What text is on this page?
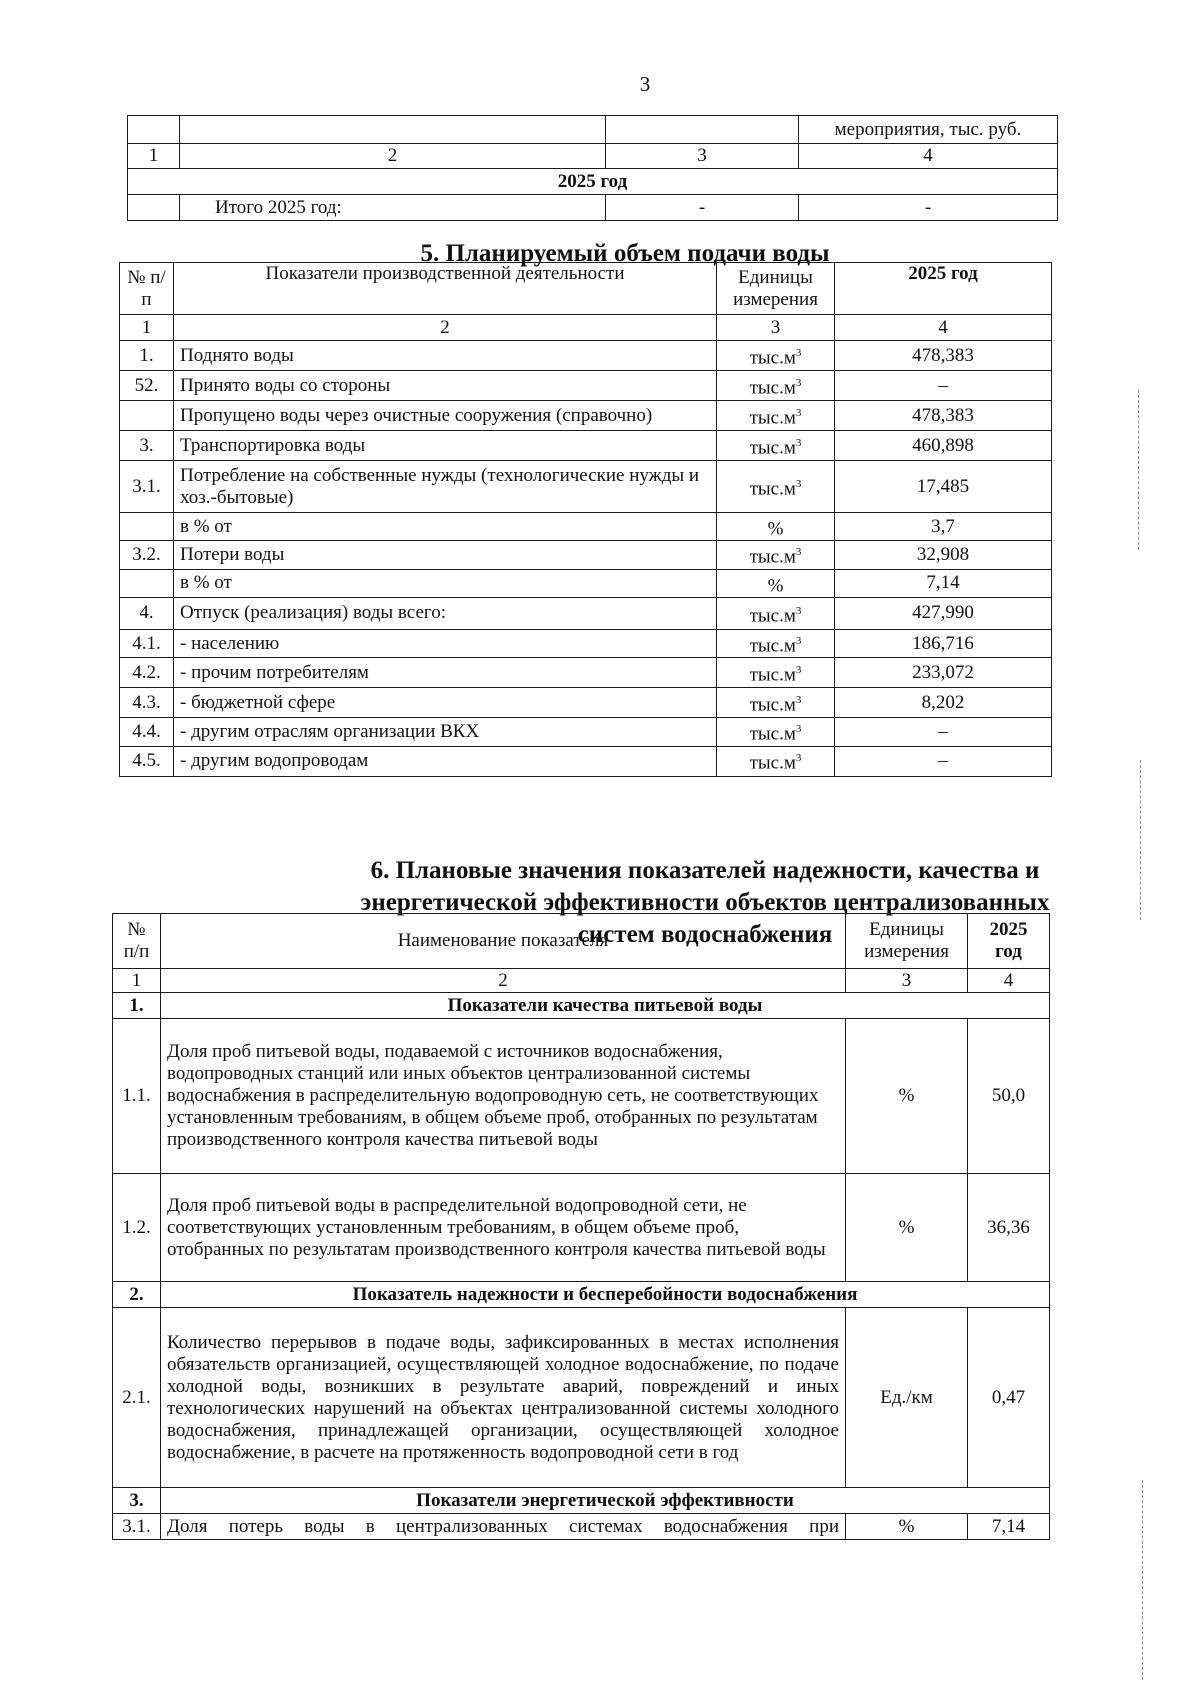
3
			мероприятия, тыс. руб.
1	2	3	4
2025 год			
	Итого 2025 год:	-	-
5. Планируемый объем подачи воды
№ п/п	Показатели производственной деятельности	Единицы измерения	2025 год
1	2	3	4
1.	Поднято воды	$тыс.м^3$	478,383
52.	Принято воды со стороны	$тыс.м^3$	–
	Пропущено воды через очистные сооружения (справочно)	$тыс.м^3$	478,383
3.	Транспортировка воды	$тыс.м^3$	460,898
3.1.	Потребление на собственные нужды (технологические нужды и хоз.-бытовые)	$тыс.м^3$	17,485
	в % от	%	3,7
3.2.	Потери воды	$тыс.м^3$	32,908
	в % от	%	7,14
4.	Отпуск (реализация) воды всего:	$тыс.м^3$	427,990
4.1.	- населению	$тыс.м^3$	186,716
4.2.	- прочим потребителям	$тыс.м^3$	233,072
4.3.	- бюджетной сфере	$тыс.м^3$	8,202
4.4.	- другим отраслям организации ВКХ	$тыс.м^3$	–
4.5.	- другим водопроводам	$тыс.м^3$	–
6. Плановые значения показателей надежности, качества и
энергетической эффективности объектов централизованных
систем водоснабжения
№ п/п	Наименование показателя	Единицы измерения	2025 год
1	2	3	4
1.	Показатели качества питьевой воды		
1.1.	Доля проб питьевой воды, подаваемой с источников водоснабжения, водопроводных станций или иных объектов централизованной системы водоснабжения в распределительную водопроводную сеть, не соответствующих установленным требованиям, в общем объеме проб, отобранных по результатам производственного контроля качества питьевой воды	%	50,0
1.2.	Доля проб питьевой воды в распределительной водопроводной сети, не соответствующих установленным требованиям, в общем объеме проб, отобранных по результатам производственного контроля качества питьевой воды	%	36,36
2.	Показатель надежности и бесперебойности водоснабжения		
2.1.	Количество перерывов в подаче воды, зафиксированных в местах исполнения обязательств организацией, осуществляющей холодное водоснабжение, по подаче холодной воды, возникших в результате аварий, повреждений и иных технологических нарушений на объектах централизованной системы холодного водоснабжения, принадлежащей организации, осуществляющей холодное водоснабжение, в расчете на протяженность водопроводной сети в год	Ед./км	0,47
3.	Показатели энергетической эффективности		
3.1.	Доля потерь воды в централизованных системах водоснабжения при	%	7,14
